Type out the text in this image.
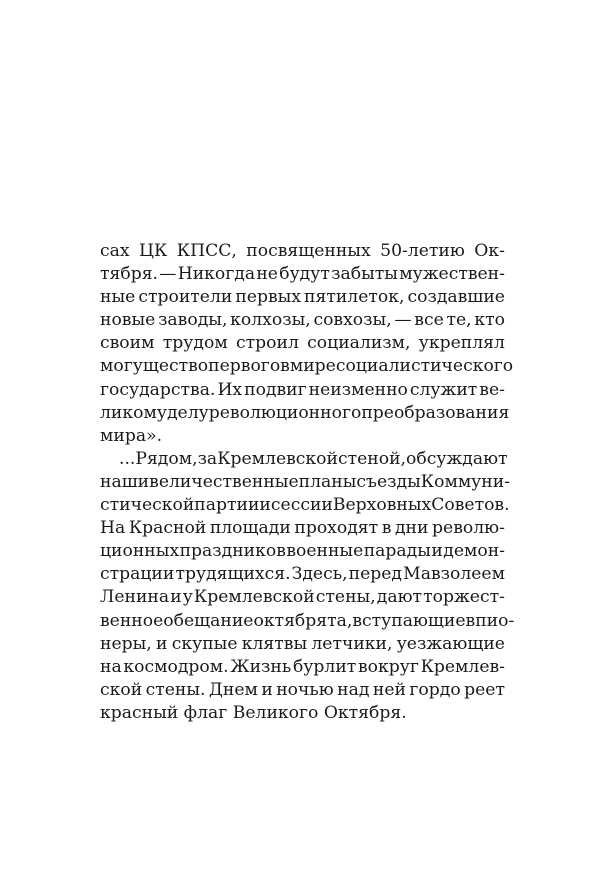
сах ЦК КПСС, посвященных 50-летию Ок-
тября. — Никогда не будут забыты мужествен-
ные строители первых пятилеток, создавшие
новые заводы, колхозы, совхозы, — все те, кто
своим трудом строил социализм, укреплял
могущество первого в мире социалистического
государства. Их подвиг неизменно служит ве-
ликому делу революционного преобразования
мира».
...Рядом, за Кремлевской стеной, обсуждают
наши величественные планы съезды Коммуни-
стической партии и сессии Верховных Советов.
На Красной площади проходят в дни револю-
ционных праздников военные парады и демон-
страции трудящихся. Здесь, перед Мавзолеем
Ленина и у Кремлевской стены, дают торжест-
венное обещание октябрята, вступающие в пио-
неры, и скупые клятвы летчики, уезжающие
на космодром. Жизнь бурлит вокруг Кремлев-
ской стены. Днем и ночью над ней гордо реет
красный флаг Великого Октября.
